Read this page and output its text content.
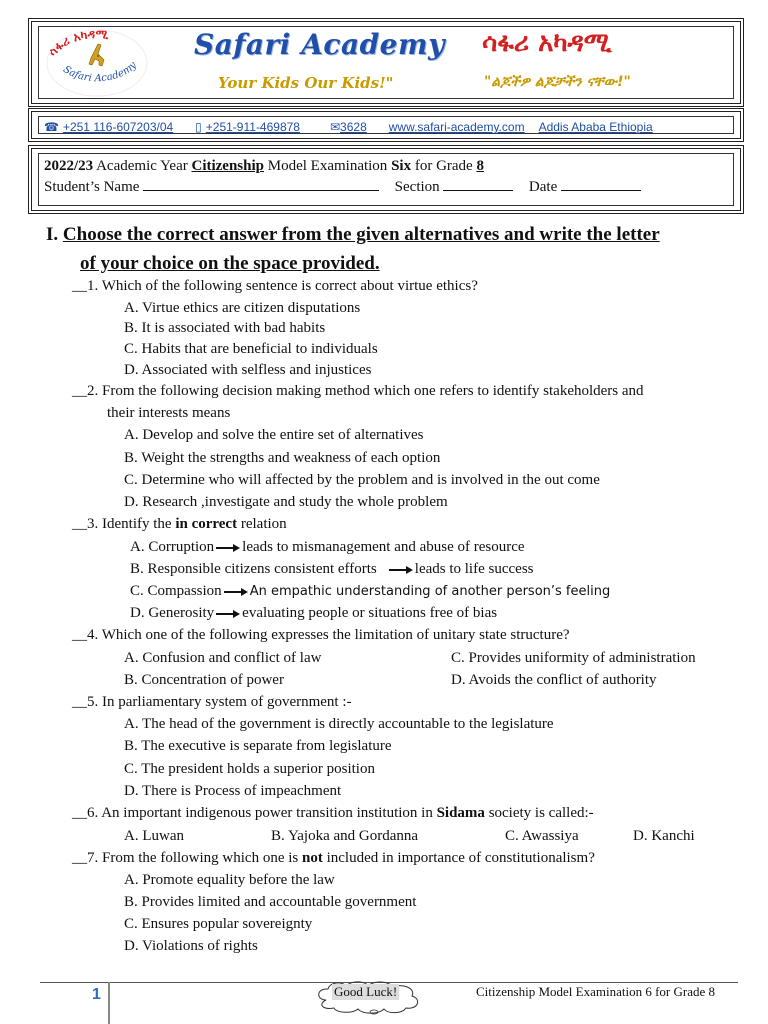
ሳፋሪ አካዳሚ
Safari Academy
Safari Academy ሳፋሪ አካዳሚ
Your Kids Our Kids!"	"ልጆችዎ ልጆቻችን ናቸው!"
☎ +251 116-607203/04 ▯ +251-911-469878	✉3628 www.safari-academy.com Addis Ababa Ethiopia
2022/23 Academic Year Citizenship Model Examination Six for Grade 8
Student’s Name	Section	Date
I. Choose the correct answer from the given alternatives and write the letter
of your choice on the space provided.
__1. Which of the following sentence is correct about virtue ethics?
A. Virtue ethics are citizen disputations
B. It is associated with bad habits
C. Habits that are beneficial to individuals
D. Associated with selfless and injustices
__2. From the following decision making method which one refers to identify stakeholders and
their interests means
A. Develop and solve the entire set of alternatives
B. Weight the strengths and weakness of each option
C. Determine who will affected by the problem and is involved in the out come
D. Research ,investigate and study the whole problem
__3. Identify the in correct relation
A. Corruption leads to mismanagement and abuse of resource
B. Responsible citizens consistent efforts	leads to life success
C. Compassion An empathic understanding of another person’s feeling
D. Generosity evaluating people or situations free of bias
__4. Which one of the following expresses the limitation of unitary state structure?
A. Confusion and conflict of law	C. Provides uniformity of administration
B. Concentration of power	D. Avoids the conflict of authority
__5. In parliamentary system of government :-
A. The head of the government is directly accountable to the legislature
B. The executive is separate from legislature
C. The president holds a superior position
D. There is Process of impeachment
__6. An important indigenous power transition institution in Sidama society is called:-
A. Luwan	B. Yajoka and Gordanna	C. Awassiya	D. Kanchi
__7. From the following which one is not included in importance of constitutionalism?
A. Promote equality before the law
B. Provides limited and accountable government
C. Ensures popular sovereignty
D. Violations of rights
1	Good Luck!	Citizenship Model Examination 6 for Grade 8
